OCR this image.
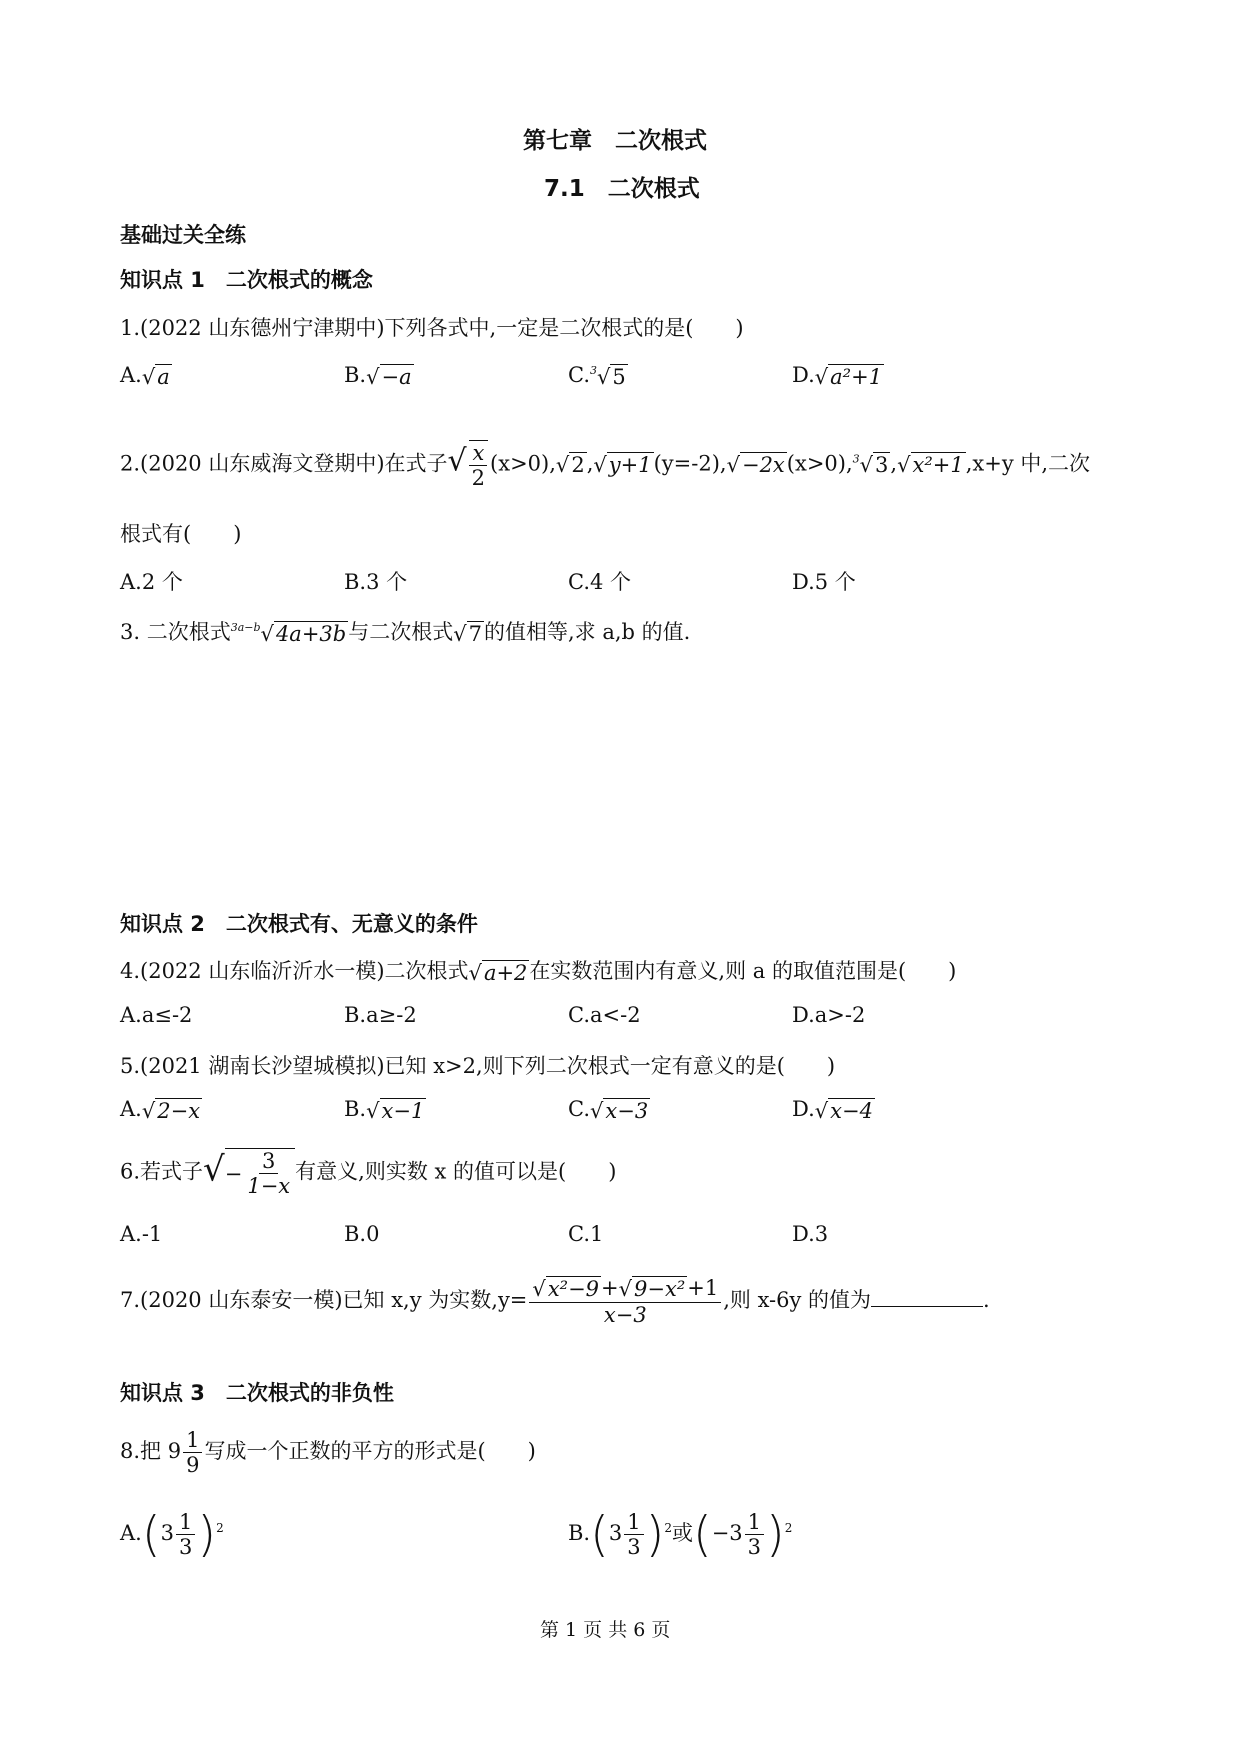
第七章　二次根式
7.1　二次根式
基础过关全练
知识点 1　二次根式的概念
1.(2022 山东德州宁津期中)下列各式中,一定是二次根式的是(　　)
A.√a	B.√−a	C.$^3$√5	D.√a²+1
2.(2020 山东威海文登期中)在式子√ $\frac{x}{2} (x>0),√2,√y+1(y=-2),√-2x(x>0),^3√3,√x^2+1,x+y$ 中,二次
根式有(　　)
A.2 个	B.3 个	C.4 个	D.5 个
3. 二次根式$^{3a-b}$√4a+3b与二次根式√7的值相等,求 a,b 的值.
知识点 2　二次根式有、无意义的条件
4.(2022 山东临沂沂水一模)二次根式√a+2在实数范围内有意义,则 a 的取值范围是(　　)
A.a≤-2	B.a≥-2	C.a<-2	D.a>-2
5.(2021 湖南长沙望城模拟)已知 x>2,则下列二次根式一定有意义的是(　　)
A.√2−x	B.√x−1	C.√x−3	D.√x−4
6.若式子√ − $\frac{3}{1-x}$ 有意义,则实数 x 的值可以是(　　)
A.-1	B.0	C.1	D.3
7.(2020 山东泰安一模)已知 x,y 为实数$,y= \frac{\text{√x²−9+√9−x²+1}}{x-3}$ ,则 x-6y 的值为	.
知识点 3　二次根式的非负性
8.把 $9 \frac{1}{9}$ 写成一个正数的平方的形式是(　　)
$A.(3 \frac{1}{3} )^2$	$B.(3 \frac{1}{3} )^2$或$(-3 \frac{1}{3} )^2$
第 1 页 共 6 页
